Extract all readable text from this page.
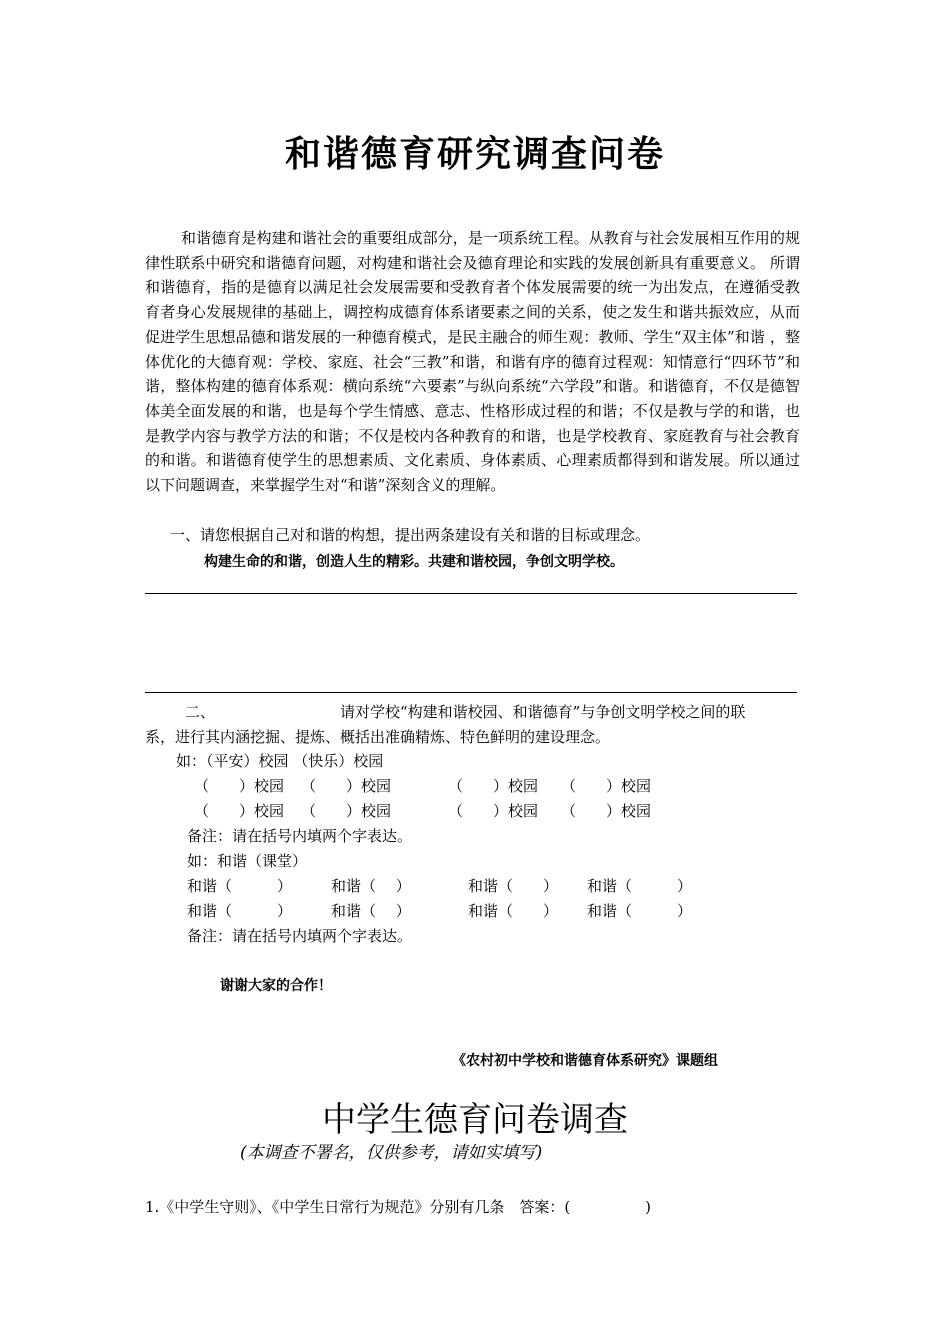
和谐德育研究调查问卷
和谐德育是构建和谐社会的重要组成部分，是一项系统工程。从教育与社会发展相互作用的规律性联系中研究和谐德育问题，对构建和谐社会及德育理论和实践的发展创新具有重要意义。 所谓和谐德育，指的是德育以满足社会发展需要和受教育者个体发展需要的统一为出发点，在遵循受教育者身心发展规律的基础上，调控构成德育体系诸要素之间的关系，使之发生和谐共振效应，从而促进学生思想品德和谐发展的一种德育模式，是民主融合的师生观：教师、学生“双主体”和谐 ，整体优化的大德育观：学校、家庭、社会“三教”和谐，和谐有序的德育过程观：知情意行“四环节”和谐，整体构建的德育体系观：横向系统“六要素”与纵向系统“六学段”和谐。和谐德育，不仅是德智体美全面发展的和谐，也是每个学生情感、意志、性格形成过程的和谐；不仅是教与学的和谐，也是教学内容与教学方法的和谐；不仅是校内各种教育的和谐，也是学校教育、家庭教育与社会教育的和谐。和谐德育使学生的思想素质、文化素质、身体素质、心理素质都得到和谐发展。所以通过以下问题调查，来掌握学生对“和谐”深刻含义的理解。
一、请您根据自己对和谐的构想，提出两条建设有关和谐的目标或理念。
构建生命的和谐，创造人生的精彩。共建和谐校园，争创文明学校。
二、	请对学校“构建和谐校园、和谐德育”与争创文明学校之间的联
系，进行其内涵挖掘、提炼、概括出准确精炼、特色鲜明的建设理念。
如：（平安）校园 （快乐）校园
（　　）校园 （　　）校园	（　　）校园 （　　）校园
（　　）校园 （　　）校园	（　　）校园 （　　）校园
备注：请在括号内填两个字表达。
如：和谐（课堂）
和谐（　　　）	和谐（　 ）	和谐（　　） 和谐（　　　）
和谐（　　　）	和谐（　 ）	和谐（　　） 和谐（　　　）
备注：请在括号内填两个字表达。
谢谢大家的合作！
《农村初中学校和谐德育体系研究》课题组
中学生德育问卷调查
(本调查不署名，仅供参考，请如实填写)
1.《中学生守则》、《中学生日常行为规范》分别有几条　答案：(　　　　　)
